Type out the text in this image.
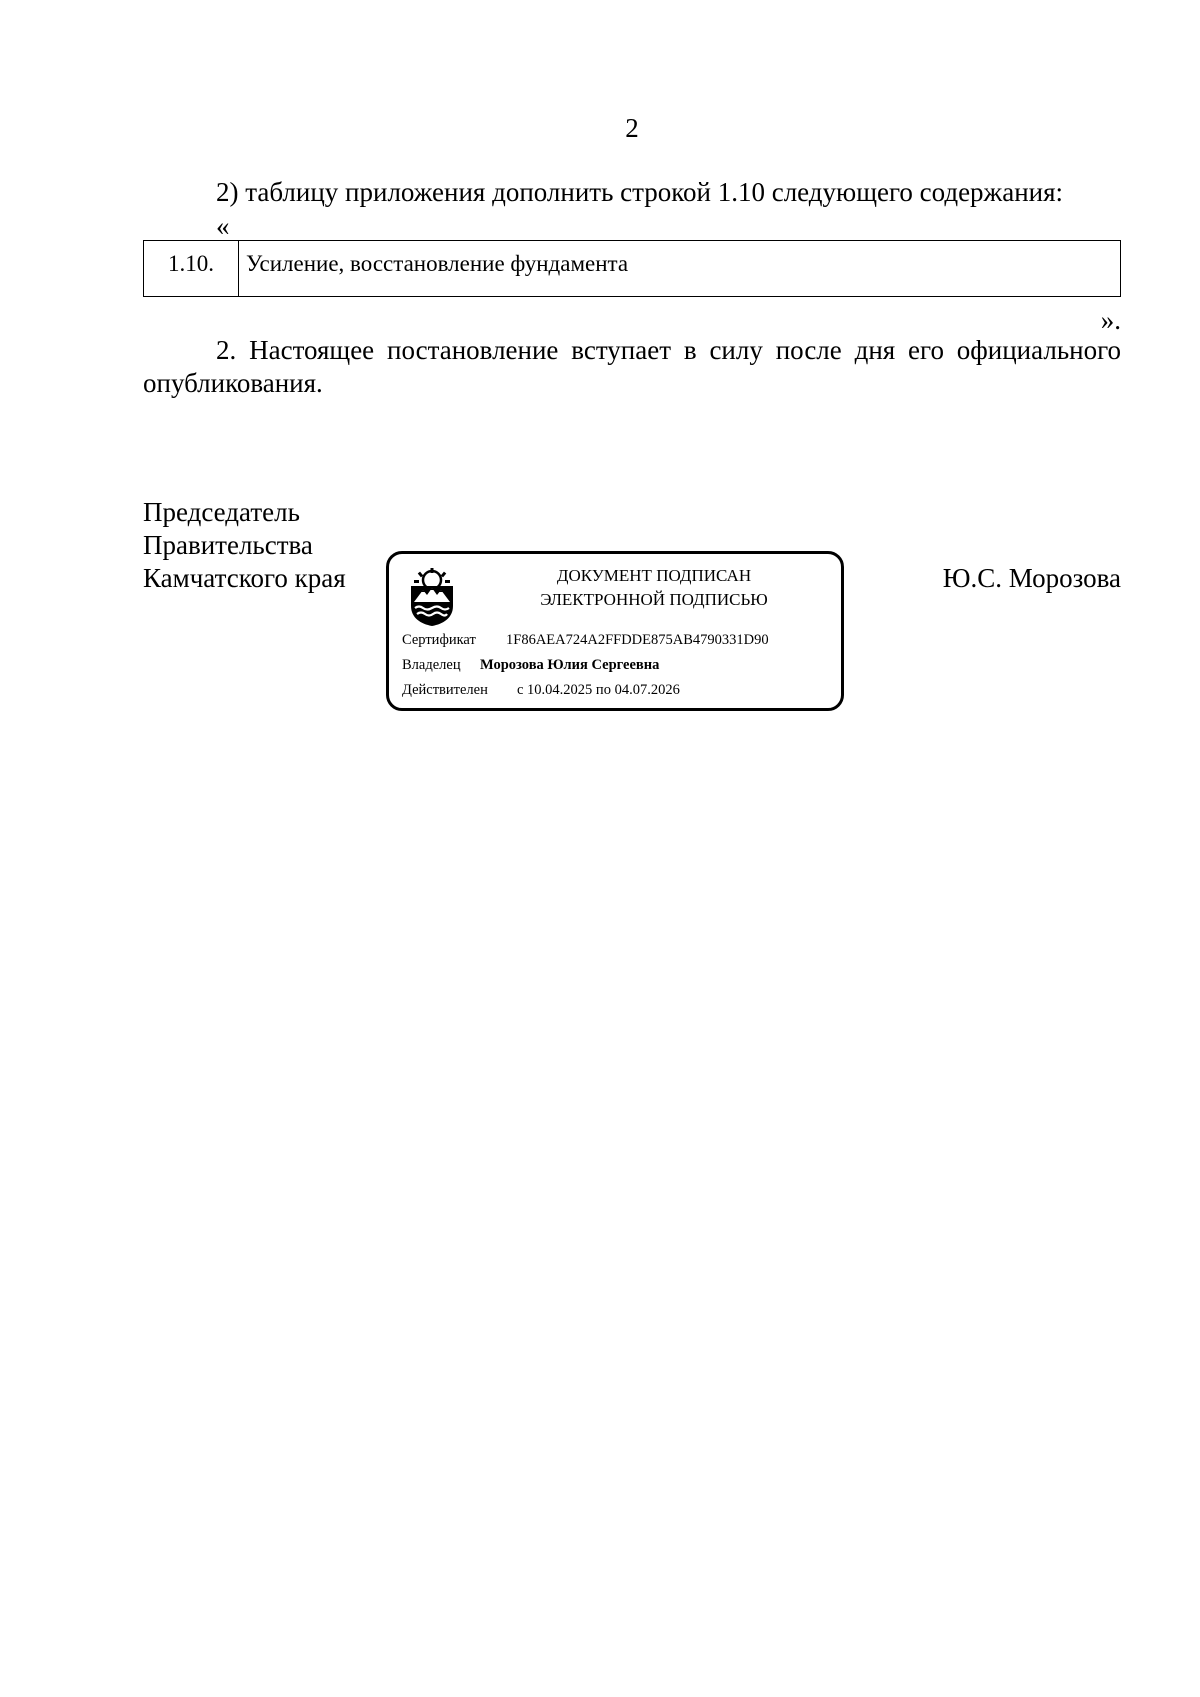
2
2) таблицу приложения дополнить строкой 1.10 следующего содержания:
«
1.10.	Усиление, восстановление фундамента
».
2. Настоящее постановление вступает в силу после дня его официального опубликования.
Председатель
Правительства
Камчатского края	ДОКУМЕНТ ПОДПИСАН
ЭЛЕКТРОННОЙ ПОДПИСЬЮ
Сертификат 1F86AEA724A2FFDDE875AB4790331D90
Владелец Морозова Юлия Сергеевна
Действителен с 10.04.2025 по 04.07.2026
Ю.С. Морозова
